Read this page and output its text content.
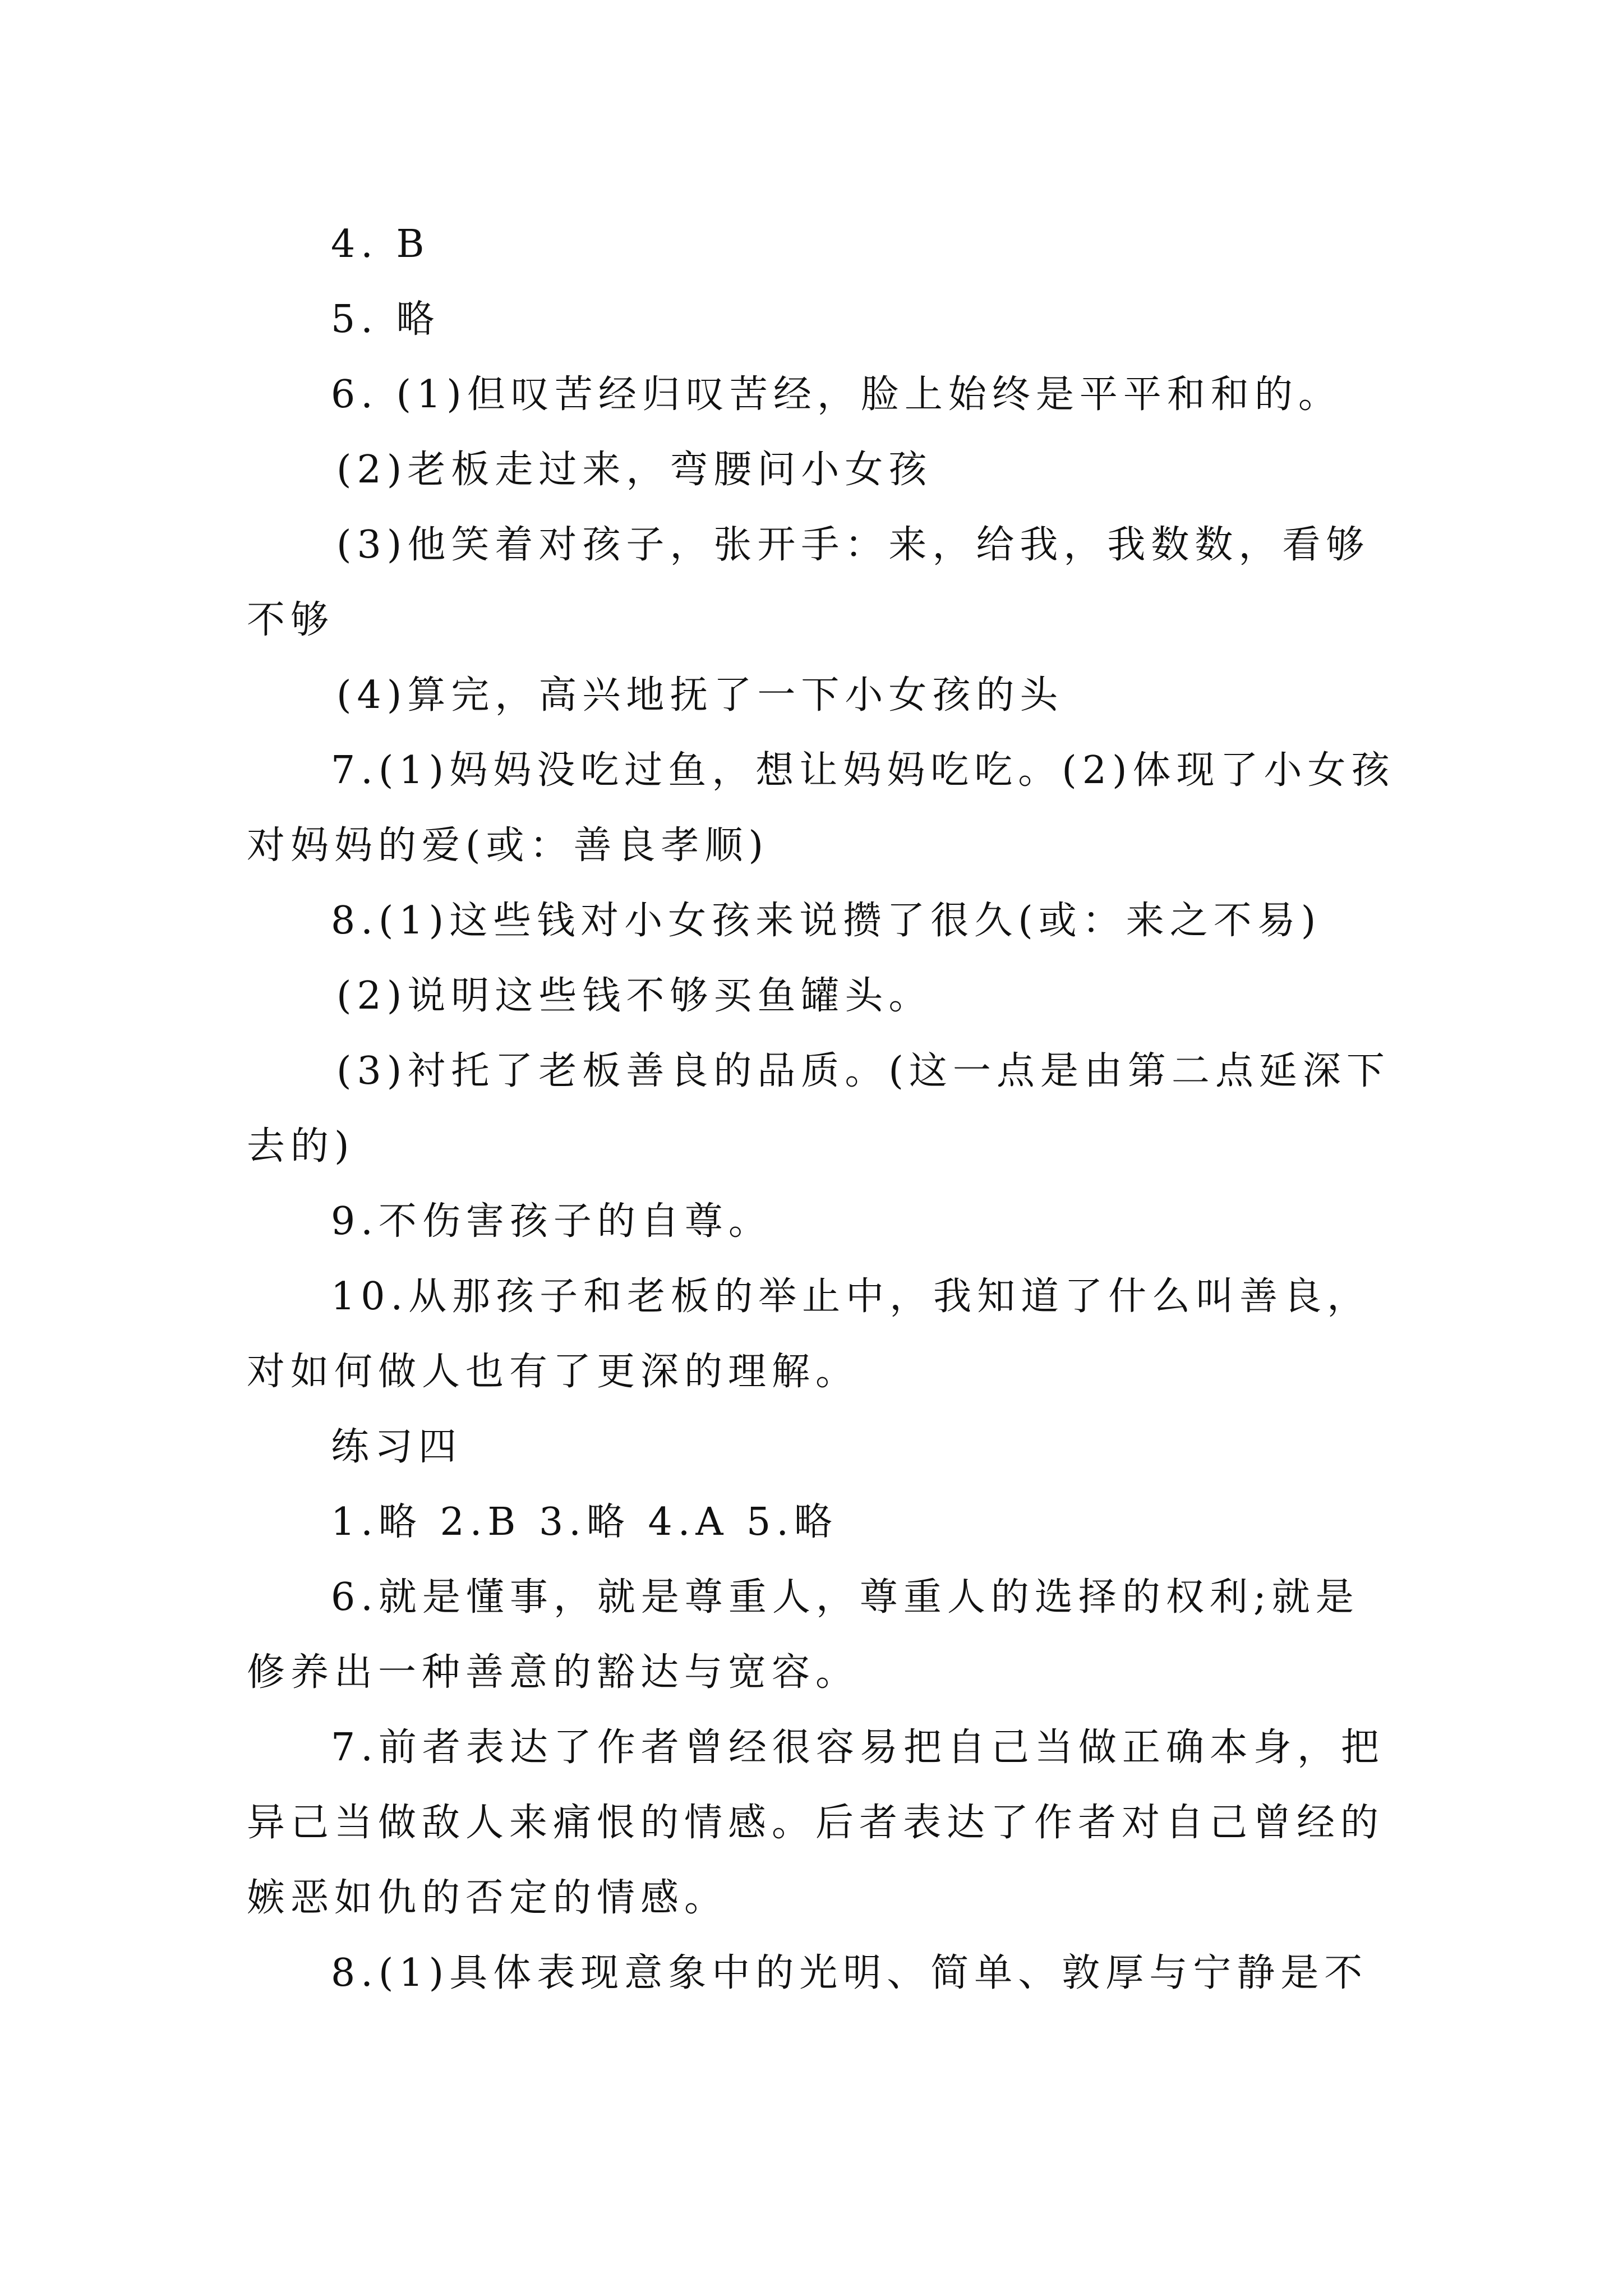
4. B
5. 略
6. (1)但叹苦经归叹苦经，脸上始终是平平和和的。
(2)老板走过来，弯腰问小女孩
(3)他笑着对孩子，张开手：来，给我，我数数，看够
不够
(4)算完，高兴地抚了一下小女孩的头
7.(1)妈妈没吃过鱼，想让妈妈吃吃。(2)体现了小女孩
对妈妈的爱(或：善良孝顺)
8.(1)这些钱对小女孩来说攒了很久(或：来之不易)
(2)说明这些钱不够买鱼罐头。
(3)衬托了老板善良的品质。(这一点是由第二点延深下
去的)
9.不伤害孩子的自尊。
10.从那孩子和老板的举止中，我知道了什么叫善良，
对如何做人也有了更深的理解。
练习四
1.略 2.B 3.略 4.A 5.略
6.就是懂事，就是尊重人，尊重人的选择的权利;就是
修养出一种善意的豁达与宽容。
7.前者表达了作者曾经很容易把自己当做正确本身，把
异己当做敌人来痛恨的情感。后者表达了作者对自己曾经的
嫉恶如仇的否定的情感。
8.(1)具体表现意象中的光明、简单、敦厚与宁静是不
